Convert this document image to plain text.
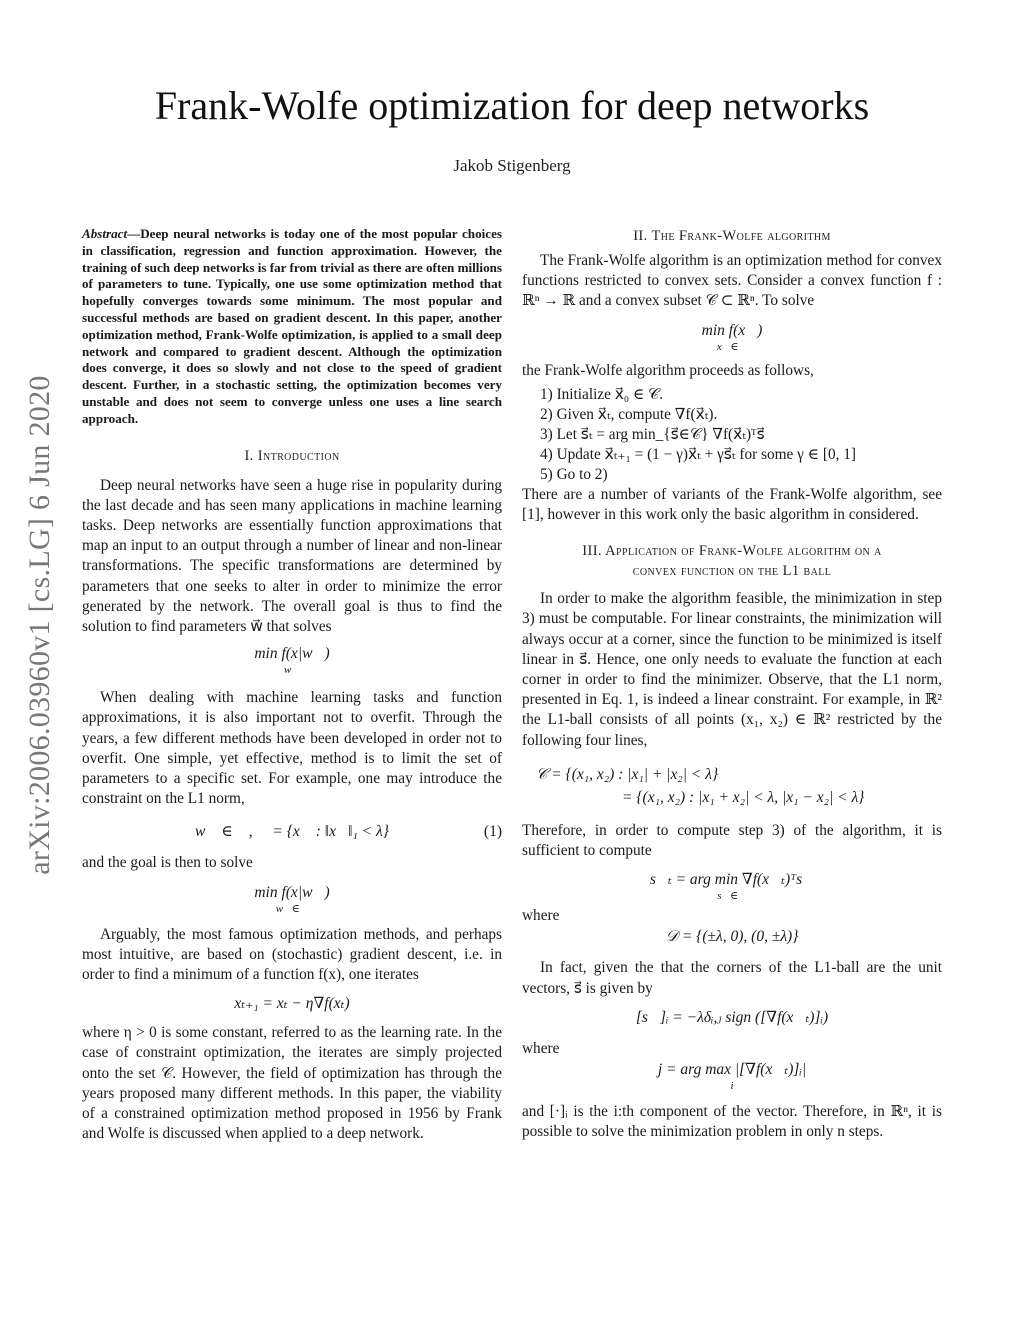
Frank-Wolfe optimization for deep networks
Jakob Stigenberg
arXiv:2006.03960v1 [cs.LG] 6 Jun 2020

Abstract—Deep neural networks is today one of the most popular choices in classification, regression and function approximation. However, the training of such deep networks is far from trivial as there are often millions of parameters to tune. Typically, one use some optimization method that hopefully converges towards some minimum. The most popular and successful methods are based on gradient descent. In this paper, another optimization method, Frank-Wolfe optimization, is applied to a small deep network and compared to gradient descent. Although the optimization does converge, it does so slowly and not close to the speed of gradient descent. Further, in a stochastic setting, the optimization becomes very unstable and does not seem to converge unless one uses a line search approach.

I. Introduction

Deep neural networks have seen a huge rise in popularity during the last decade and has seen many applications in machine learning tasks. Deep networks are essentially function approximations that map an input to an output through a number of linear and non-linear transformations. The specific transformations are determined by parameters that one seeks to alter in order to minimize the error generated by the network. The overall goal is thus to find the solution to find parameters w⃗ that solves

min f(x|w⃗)
w⃗

When dealing with machine learning tasks and function approximations, it is also important not to overfit. Through the years, a few different methods have been developed in order not to overfit. One simple, yet effective, method is to limit the set of parameters to a specific set. For example, one may introduce the constraint on the L1 norm,

w⃗ ∈ 𝒞, 𝒞 = {x⃗ : ‖x⃗‖₁ < λ}	(1)

and the goal is then to solve

min f(x|w⃗)
w⃗∈𝒞

Arguably, the most famous optimization methods, and perhaps most intuitive, are based on (stochastic) gradient descent, i.e. in order to find a minimum of a function f(x), one iterates

xₜ₊₁ = xₜ − η∇f(xₜ)

where η > 0 is some constant, referred to as the learning rate. In the case of constraint optimization, the iterates are simply projected onto the set 𝒞. However, the field of optimization has through the years proposed many different methods. In this paper, the viability of a constrained optimization method proposed in 1956 by Frank and Wolfe is discussed when applied to a deep network.

II. The Frank-Wolfe algorithm

The Frank-Wolfe algorithm is an optimization method for convex functions restricted to convex sets. Consider a convex function f : ℝⁿ → ℝ and a convex subset 𝒞 ⊂ ℝⁿ. To solve

min f(x⃗)
x⃗∈𝒞

the Frank-Wolfe algorithm proceeds as follows,

1) Initialize x⃗₀ ∈ 𝒞.
2) Given x⃗ₜ, compute ∇f(x⃗ₜ).
3) Let s⃗ₜ = arg min_{s⃗∈𝒞} ∇f(x⃗ₜ)ᵀs⃗
4) Update x⃗ₜ₊₁ = (1 − γ)x⃗ₜ + γs⃗ₜ for some γ ∈ [0, 1]
5) Go to 2)

There are a number of variants of the Frank-Wolfe algorithm, see [1], however in this work only the basic algorithm in considered.

III. Application of Frank-Wolfe algorithm on a
convex function on the L1 ball

In order to make the algorithm feasible, the minimization in step 3) must be computable. For linear constraints, the minimization will always occur at a corner, since the function to be minimized is itself linear in s⃗. Hence, one only needs to evaluate the function at each corner in order to find the minimizer. Observe, that the L1 norm, presented in Eq. 1, is indeed a linear constraint. For example, in ℝ² the L1-ball consists of all points (x₁, x₂) ∈ ℝ² restricted by the following four lines,

𝒞 = {(x₁, x₂) : |x₁| + |x₂| < λ}
= {(x₁, x₂) : |x₁ + x₂| < λ, |x₁ − x₂| < λ}

Therefore, in order to compute step 3) of the algorithm, it is sufficient to compute

s⃗ₜ = arg min ∇f(x⃗ₜ)ᵀs⃗
s⃗∈𝒟

where

𝒟 = {(±λ, 0), (0, ±λ)}

In fact, given the that the corners of the L1-ball are the unit vectors, s⃗ is given by

[s⃗]ᵢ = −λδᵢ,ⱼ sign ([∇f(x⃗ₜ)]ᵢ)

where

j = arg max |[∇f(x⃗ₜ)]ᵢ|
i

and [·]ᵢ is the i:th component of the vector. Therefore, in ℝⁿ, it is possible to solve the minimization problem in only n steps.
